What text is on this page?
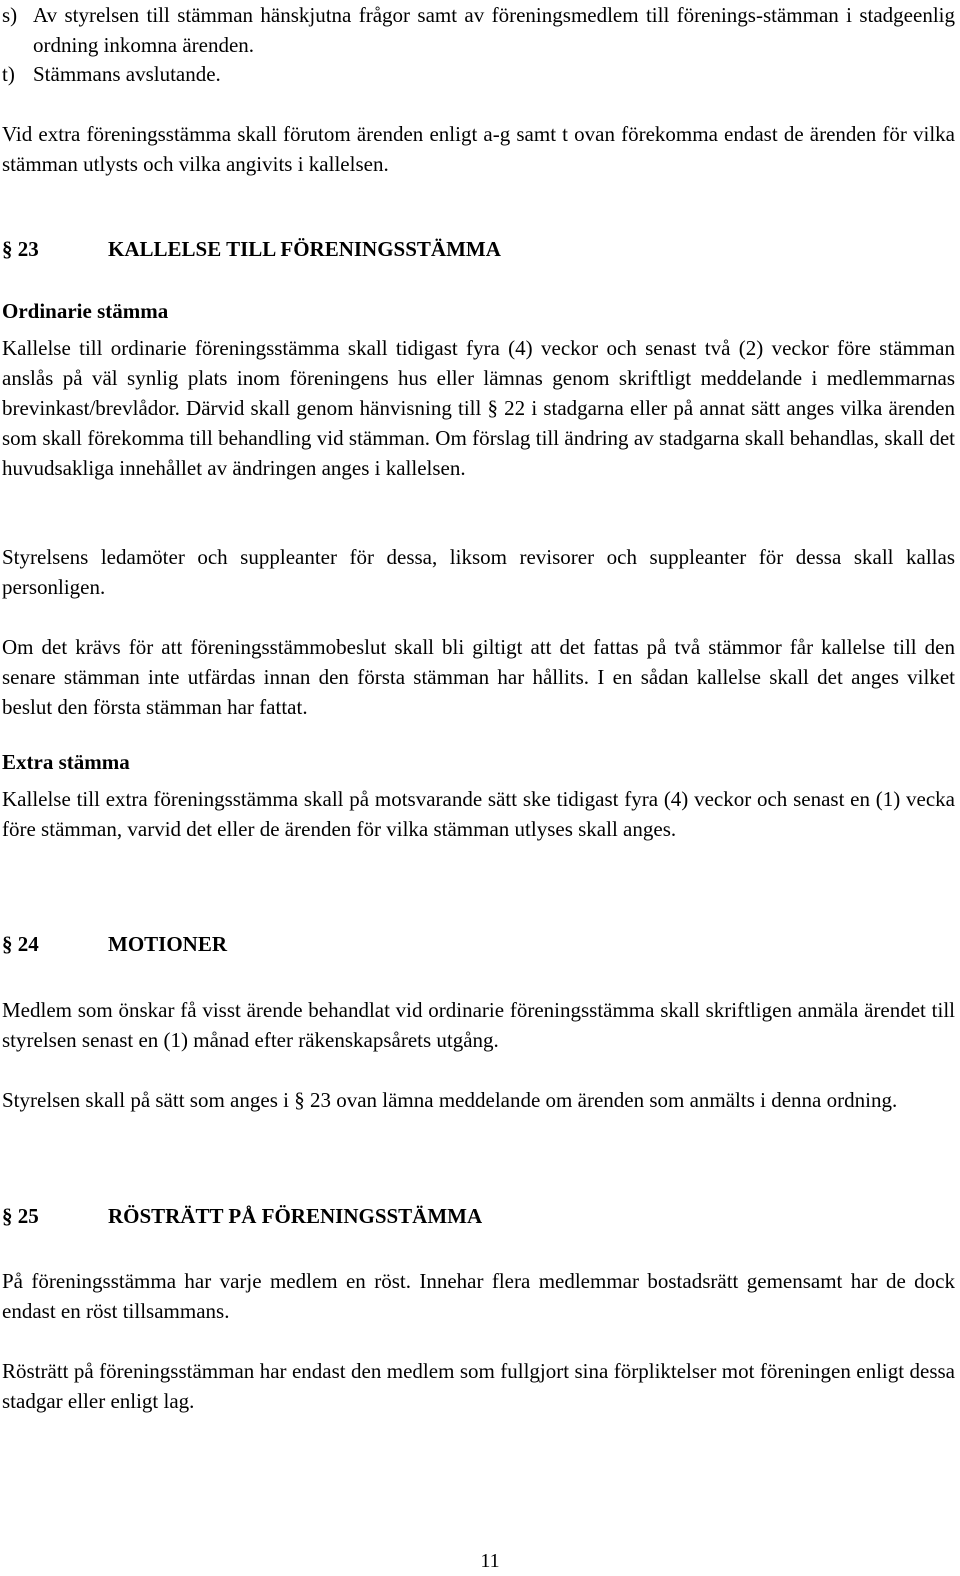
s) Av styrelsen till stämman hänskjutna frågor samt av föreningsmedlem till förenings-stämman i stadgeenlig ordning inkomna ärenden.
t) Stämmans avslutande.

Vid extra föreningsstämma skall förutom ärenden enligt a-g samt t ovan förekomma endast de ärenden för vilka stämman utlysts och vilka angivits i kallelsen.

§ 23	KALLELSE TILL FÖRENINGSSTÄMMA
Ordinarie stämma

Kallelse till ordinarie föreningsstämma skall tidigast fyra (4) veckor och senast två (2) veckor före stämman anslås på väl synlig plats inom föreningens hus eller lämnas genom skriftligt meddelande i medlemmarnas brevinkast/brevlådor. Därvid skall genom hänvisning till § 22 i stadgarna eller på annat sätt anges vilka ärenden som skall förekomma till behandling vid stämman. Om förslag till ändring av stadgarna skall behandlas, skall det huvudsakliga innehållet av ändringen anges i kallelsen.

Styrelsens ledamöter och suppleanter för dessa, liksom revisorer och suppleanter för dessa skall kallas personligen.

Om det krävs för att föreningsstämmobeslut skall bli giltigt att det fattas på två stämmor får kallelse till den senare stämman inte utfärdas innan den första stämman har hållits. I en sådan kallelse skall det anges vilket beslut den första stämman har fattat.

Extra stämma

Kallelse till extra föreningsstämma skall på motsvarande sätt ske tidigast fyra (4) veckor och senast en (1) vecka före stämman, varvid det eller de ärenden för vilka stämman utlyses skall anges.

§ 24	MOTIONER

Medlem som önskar få visst ärende behandlat vid ordinarie föreningsstämma skall skriftligen anmäla ärendet till styrelsen senast en (1) månad efter räkenskapsårets utgång.

Styrelsen skall på sätt som anges i § 23 ovan lämna meddelande om ärenden som anmälts i denna ordning.

§ 25	RÖSTRÄTT PÅ FÖRENINGSSTÄMMA

På föreningsstämma har varje medlem en röst. Innehar flera medlemmar bostadsrätt gemensamt har de dock endast en röst tillsammans.

Rösträtt på föreningsstämman har endast den medlem som fullgjort sina förpliktelser mot föreningen enligt dessa stadgar eller enligt lag.

11
